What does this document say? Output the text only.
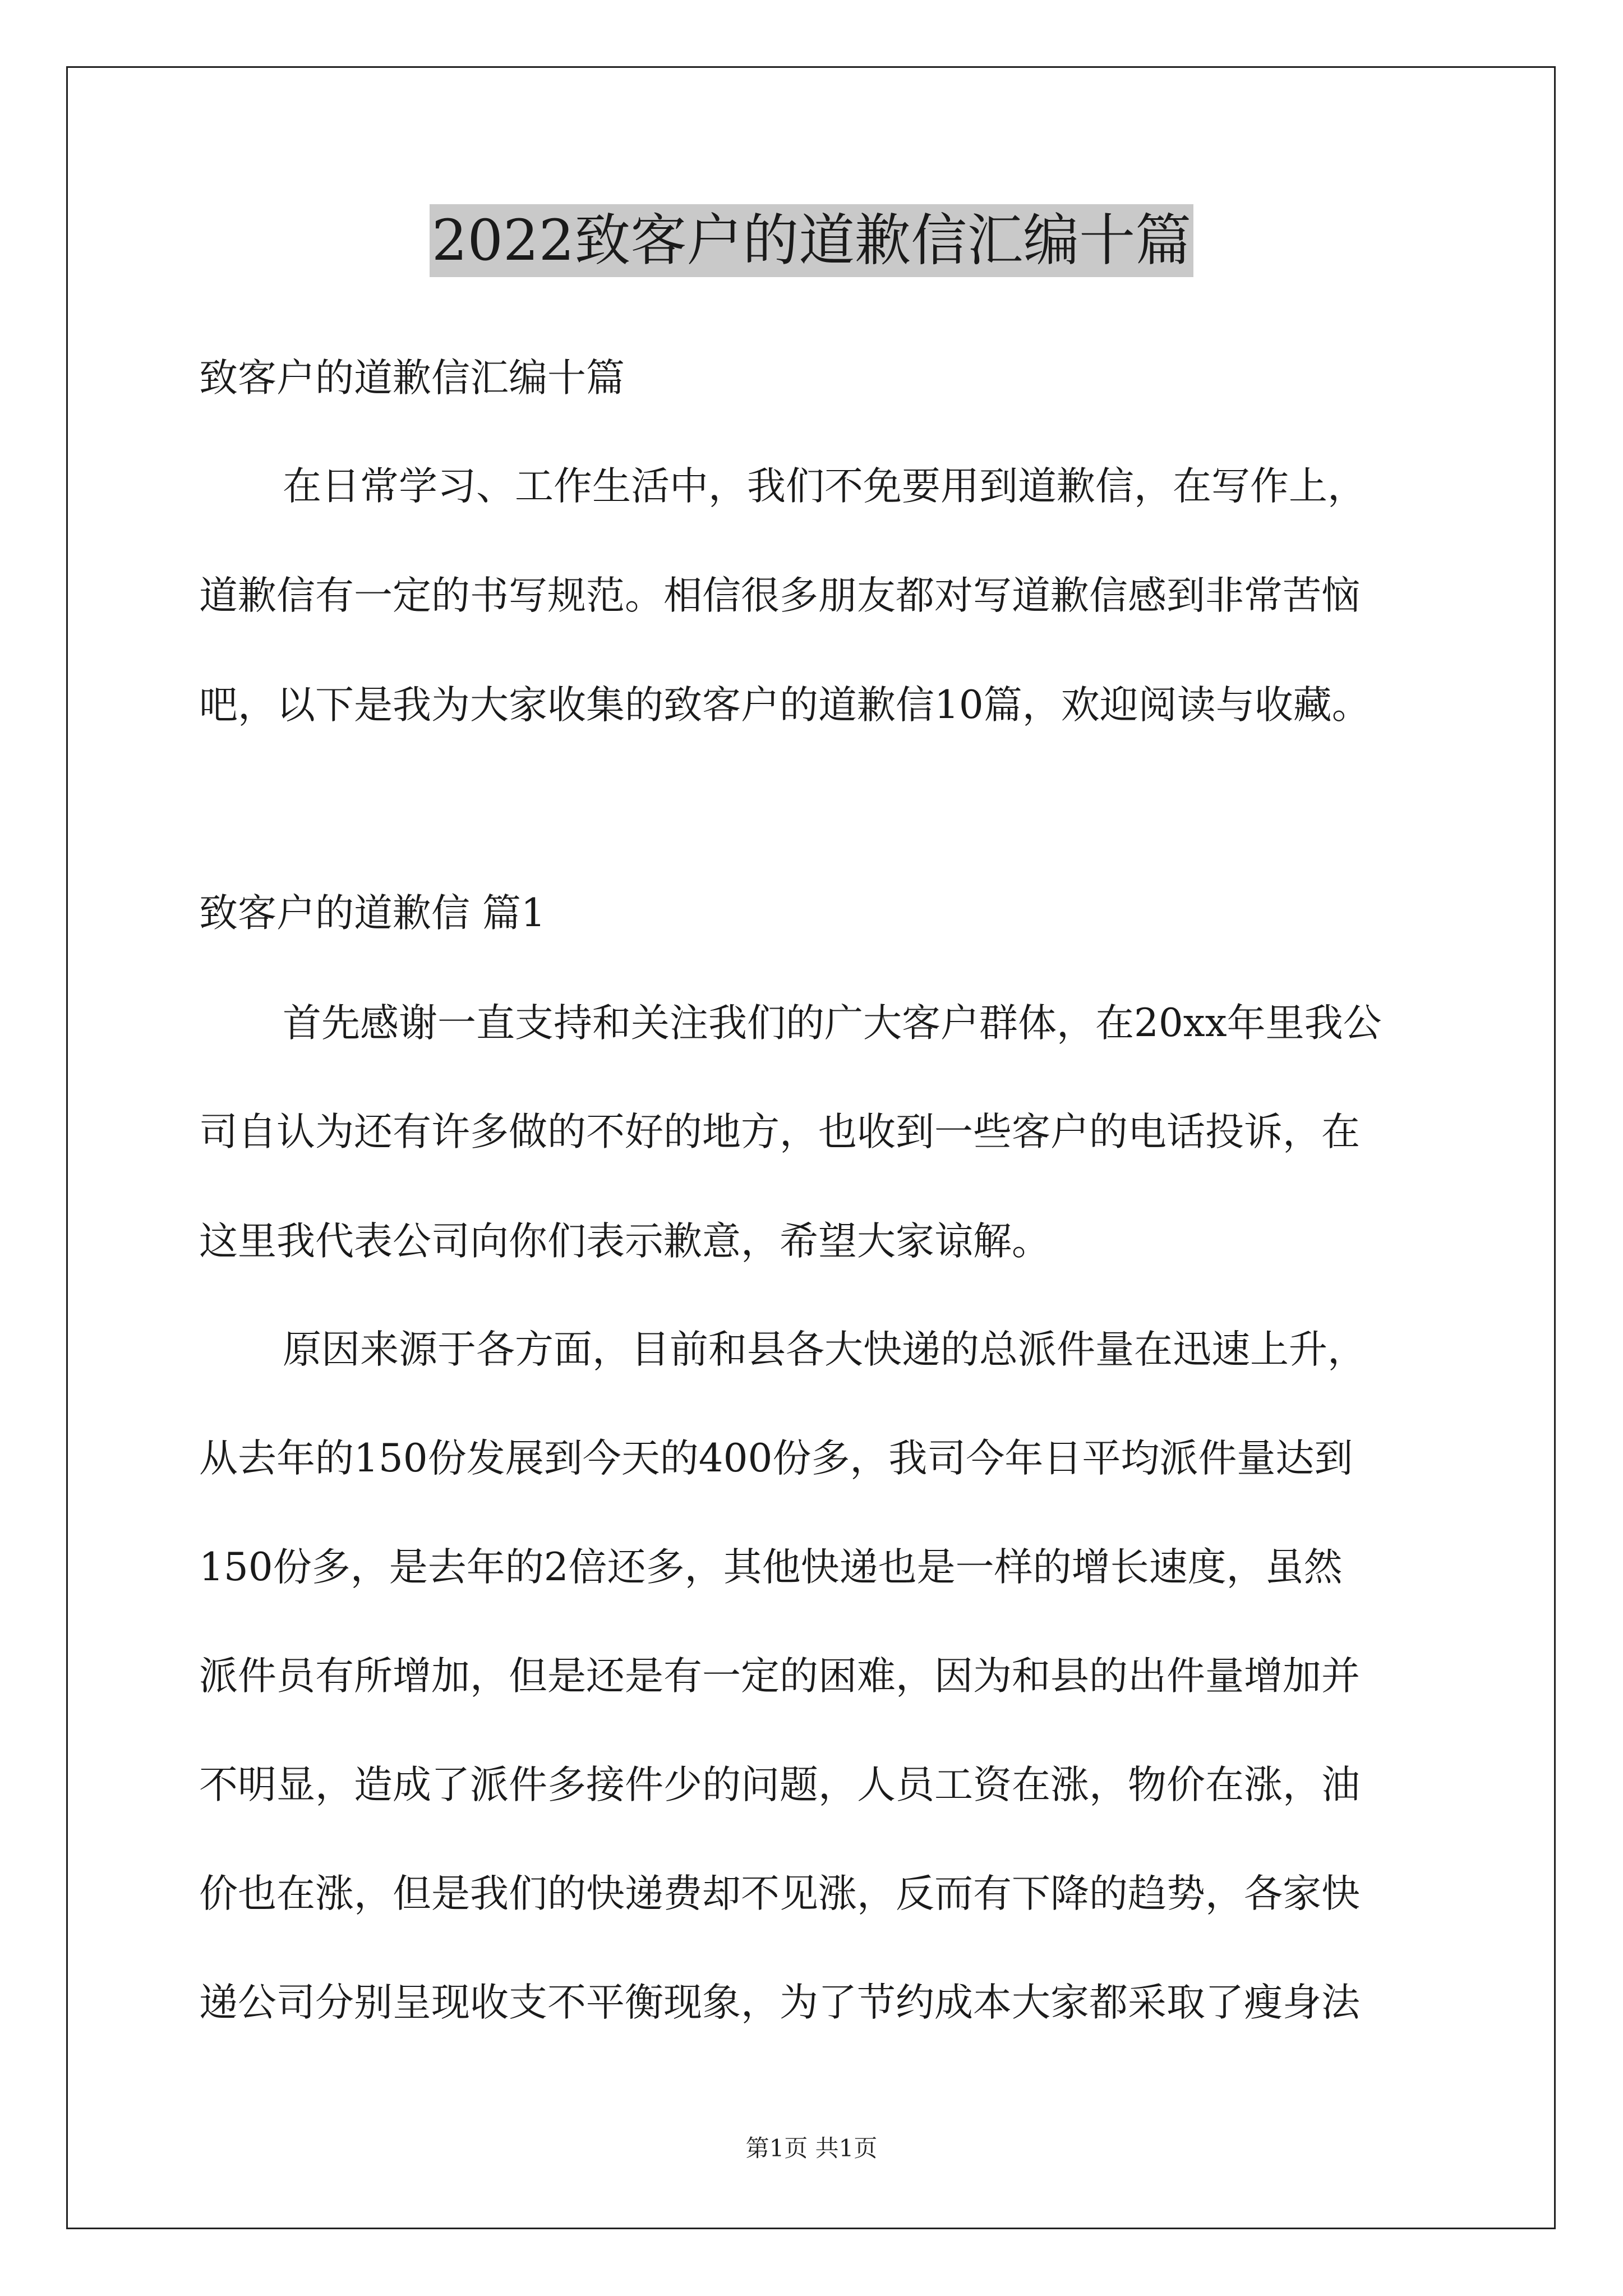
2022致客户的道歉信汇编十篇
致客户的道歉信汇编十篇
在日常学习、工作生活中，我们不免要用到道歉信，在写作上，
道歉信有一定的书写规范。相信很多朋友都对写道歉信感到非常苦恼
吧，以下是我为大家收集的致客户的道歉信10篇，欢迎阅读与收藏。
致客户的道歉信 篇1
首先感谢一直支持和关注我们的广大客户群体，在20xx年里我公
司自认为还有许多做的不好的地方，也收到一些客户的电话投诉，在
这里我代表公司向你们表示歉意，希望大家谅解。
原因来源于各方面，目前和县各大快递的总派件量在迅速上升，
从去年的150份发展到今天的400份多，我司今年日平均派件量达到
150份多，是去年的2倍还多，其他快递也是一样的增长速度，虽然
派件员有所增加，但是还是有一定的困难，因为和县的出件量增加并
不明显，造成了派件多接件少的问题，人员工资在涨，物价在涨，油
价也在涨，但是我们的快递费却不见涨，反而有下降的趋势，各家快
递公司分别呈现收支不平衡现象，为了节约成本大家都采取了瘦身法
第1页 共1页
